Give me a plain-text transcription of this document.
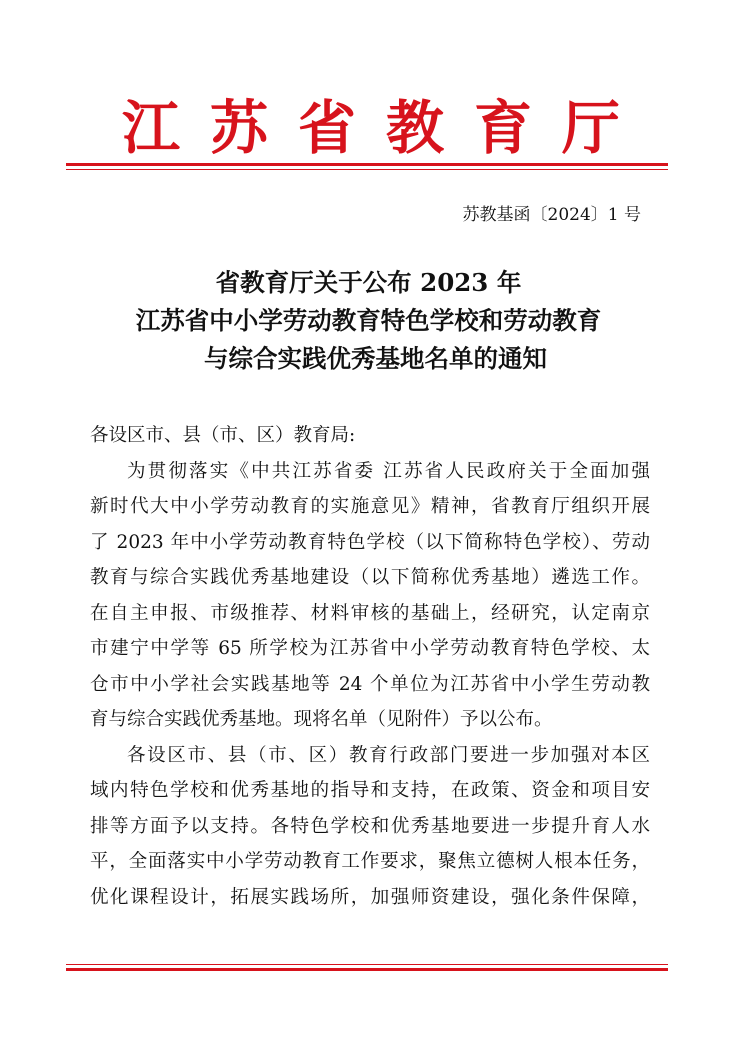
江 苏 省 教 育 厅
苏教基函〔2024〕1 号
省教育厅关于公布 2023 年
江苏省中小学劳动教育特色学校和劳动教育
与综合实践优秀基地名单的通知
各设区市、县（市、区）教育局:
为贯彻落实《中共江苏省委 江苏省人民政府关于全面加强
新时代大中小学劳动教育的实施意见》精神，省教育厅组织开展
了 2023 年中小学劳动教育特色学校（以下简称特色学校）、劳动
教育与综合实践优秀基地建设（以下简称优秀基地）遴选工作。
在自主申报、市级推荐、材料审核的基础上，经研究，认定南京
市建宁中学等 65 所学校为江苏省中小学劳动教育特色学校、太
仓市中小学社会实践基地等 24 个单位为江苏省中小学生劳动教
育与综合实践优秀基地。现将名单（见附件）予以公布。
各设区市、县（市、区）教育行政部门要进一步加强对本区
域内特色学校和优秀基地的指导和支持，在政策、资金和项目安
排等方面予以支持。各特色学校和优秀基地要进一步提升育人水
平，全面落实中小学劳动教育工作要求，聚焦立德树人根本任务，
优化课程设计，拓展实践场所，加强师资建设，强化条件保障，
